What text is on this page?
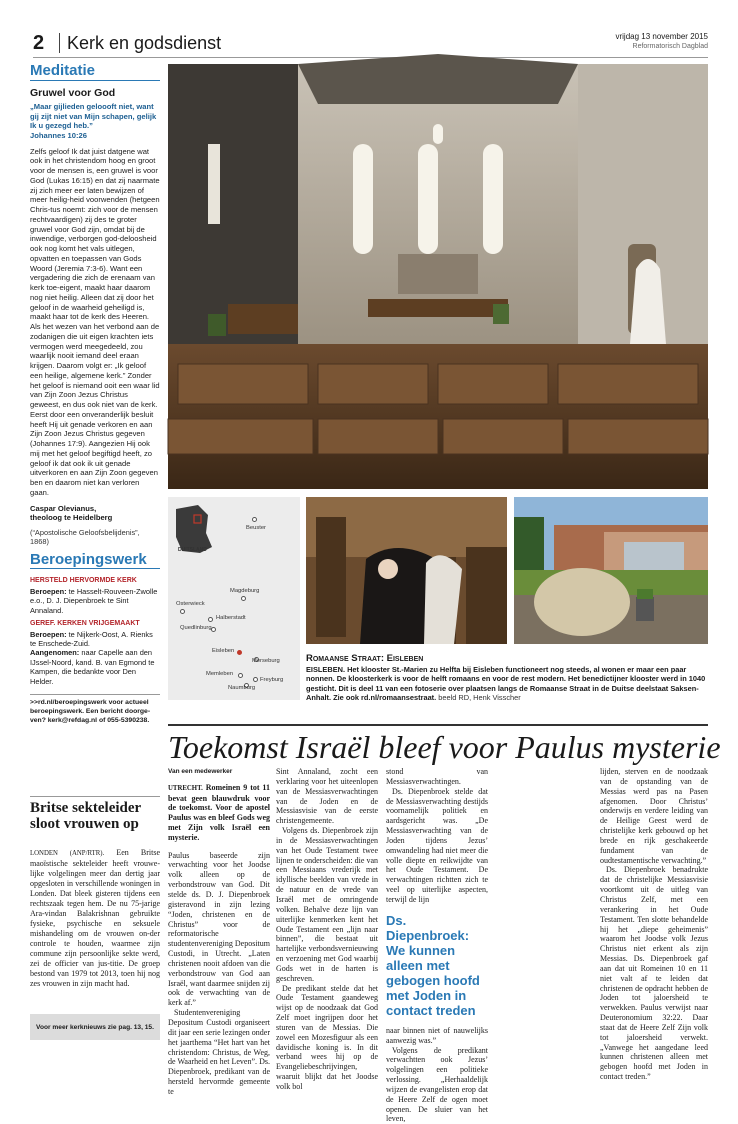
2	Kerk en godsdienst	vrijdag 13 november 2015
Reformatorisch Dagblad
Meditatie
Gruwel voor God
„Maar gijlieden geloooft niet, want gij zijt niet van Mijn schapen, gelijk Ik u gezegd heb.”
Johannes 10:26
Zelfs geloof Ik dat juist datgene wat ook in het christendom hoog en groot voor de mensen is, een gruwel is voor God (Lukas 16:15) en dat zij naarmate zij zich meer eer laten bewijzen of meer heilig-heid voorwenden (hetgeen Chris-tus noemt: zich voor de mensen rechtvaardigen) zij des te groter gruwel voor God zijn, omdat bij de inwendige, verborgen god-deloosheid ook nog komt het vals uitlegen, opvatten en toepassen van Gods Woord (Jeremia 7:3-6). Want een vergadering die zich de erenaam van kerk toe-eigent, maakt haar daarom nog niet heilig. Alleen dat zij door het geloof in de waarheid geheiligd is, maakt haar tot de kerk des Heeren. Als het wezen van het verbond aan de zodanigen die uit eigen krachten iets vermogen werd meegedeeld, zou waarlijk nooit iemand deel eraan krijgen. Daarom volgt er: „Ik geloof een heilige, algemene kerk.” Zonder het geloof is niemand ooit een waar lid van Zijn Zoon Jezus Christus geweest, en dus ook niet van de kerk. Eerst door een onveranderlijk besluit heeft Hij uit genade verkoren en aan Zijn Zoon Jezus Christus gegeven (Johannes 17:9). Aangezien Hij ook mij met het geloof begiftigd heeft, zo geloof ik dat ook ik uit genade uitverkoren en aan Zijn Zoon gegeven ben en daarom niet kan verloren gaan.
Caspar Olevianus,
theoloog te Heidelberg
(“Apostolische Geloofsbelijdenis”, 1868)
Beroepingswerk
HERSTELD HERVORMDE KERK
Beroepen: te Hasselt-Rouveen-Zwolle e.o., D. J. Diepenbroek te Sint Annaland.
GEREF. KERKEN VRIJGEMAAKT
Beroepen: te Nijkerk-Oost, A. Rienks te Enschede-Zuid.
Aangenomen: naar Capelle aan den IJssel-Noord, kand. B. van Egmond te Kampen, die bedankte voor Den Helder.
>>rd.nl/beroepingswerk voor actueel beroepingswerk. Een bericht doorge-ven? kerk@refdag.nl of 055-5390238.
Britse sekteleider sloot vrouwen op
LONDEN (ANP/RTR). Een Britse maoïstische sekteleider heeft vrouwe-lijke volgelingen meer dan dertig jaar opgesloten in verschillende woningen in Londen. Dat bleek gisteren tijdens een rechtszaak tegen hem. De nu 75-jarige Ara-vindan Balakrishnan gebruikte fysieke, psychische en seksuele mishandeling om de vrouwen on-der controle te houden, waarmee zijn commune zijn persoonlijke sekte werd, zei de officier van jus-titie. De groep bestond van 1979 tot 2013, toen hij nog zes vrouwen in zijn macht had.
Voor meer kerknieuws zie pag. 13, 15.
DUITSLAND
Beuster
Magdeburg
Osterwieck
Halberstadt
Quedlinburg
Eisleben
Merseburg
Memleben
Freyburg
Naumburg
Romaanse Straat: Eisleben
EISLEBEN. Het klooster St.-Marien zu Helfta bij Eisleben functioneert nog steeds, al wonen er maar een paar nonnen. De kloosterkerk is voor de helft romaans en voor de rest modern. Het benedictijner klooster werd in 1040 gesticht. Dit is deel 11 van een fotoserie over plaatsen langs de Romaanse Straat in de Duitse deelstaat Saksen-Anhalt. Zie ook rd.nl/romaansestraat. beeld RD, Henk Visscher
Toekomst Israël bleef voor Paulus mysterie
Van een medewerker
UTRECHT. Romeinen 9 tot 11 bevat geen blauwdruk voor de toekomst. Voor de apostel Paulus was en bleef Gods weg met Zijn volk Israël een mysterie.

Paulus baseerde zijn verwachting voor het Joodse volk alleen op de verbondstrouw van God. Dit stelde ds. D. J. Diepenbroek gisteravond in zijn lezing “Joden, christenen en de Christus” voor de reformatorische studentenvereniging Depositum Custodi, in Utrecht. „Laten christenen nooit afdoen van die verbondstrouw van God aan Israël, want daarmee snijden zij ook de verwachting van de kerk af.”

Studentenvereniging Depositum Custodi organiseert dit jaar een serie lezingen onder het jaarthema “Het hart van het christendom: Christus, de Weg, de Waarheid en het Leven”. Ds. Diepenbroek, predikant van de hersteld hervormde gemeente te

Sint Annaland, zocht een verklaring voor het uiteenlopen van de Messiasverwachtingen van de Joden en de Messiasvisie van de eerste christengemeente.

Volgens ds. Diepenbroek zijn in de Messiasverwachtingen van het Oude Testament twee lijnen te onderscheiden: die van een Messiaans vrederijk met idyllische beelden van vrede in de natuur en de vrede van Israël met de omringende volken. Behalve deze lijn van uiterlijke kenmerken kent het Oude Testament een „lijn naar binnen”, die bestaat uit hartelijke verbondsvernieuwing en verzoening met God waarbij Gods wet in de harten is geschreven.

De predikant stelde dat het Oude Testament gaandeweg wijst op de noodzaak dat God Zelf moet ingrijpen door het sturen van de Messias. Die zowel een Mozesfiguur als een davidische koning is. In dit verband wees hij op de Evangeliebeschrijvingen, waaruit blijkt dat het Joodse volk bol

stond van Messiasverwachtingen.

Ds. Diepenbroek stelde dat de Messiasverwachting destijds voornamelijk politiek en aardsgericht was. „De Messiasverwachting van de Joden tijdens Jezus’ omwandeling had niet meer die volle diepte en reikwijdte van het Oude Testament. De verwachtingen richtten zich te veel op uiterlijke aspecten, terwijl de lijn

Ds. Diepenbroek: We kunnen alleen met gebogen hoofd met Joden in contact treden

naar binnen niet of nauwelijks aanwezig was.”

Volgens de predikant verwachtten ook Jezus’ volgelingen een politieke verlossing. „Herhaaldelijk wijzen de evangelisten erop dat de Heere Zelf de ogen moet openen. De sluier van het leven,

lijden, sterven en de noodzaak van de opstanding van de Messias werd pas na Pasen afgenomen. Door Christus’ onderwijs en verdere leiding van de Heilige Geest werd de christelijke kerk gebouwd op het brede en rijk geschakeerde fundament van de oudtestamentische verwachting.”

Ds. Diepenbroek benadrukte dat de christelijke Messiasvisie voortkomt uit de uitleg van Christus Zelf, met een verankering in het Oude Testament. Ten slotte behandelde hij het „diepe geheimenis” waarom het Joodse volk Jezus Christus niet erkent als zijn Messias. Ds. Diepenbroek gaf aan dat uit Romeinen 10 en 11 niet valt af te leiden dat christenen de opdracht hebben de Joden tot jaloersheid te verwekken. Paulus verwijst naar Deuteronomium 32:22. Daar staat dat de Heere Zelf Zijn volk tot jaloersheid verwekt. „Vanwege het aangedane leed kunnen christenen alleen met gebogen hoofd met Joden in contact treden.”
